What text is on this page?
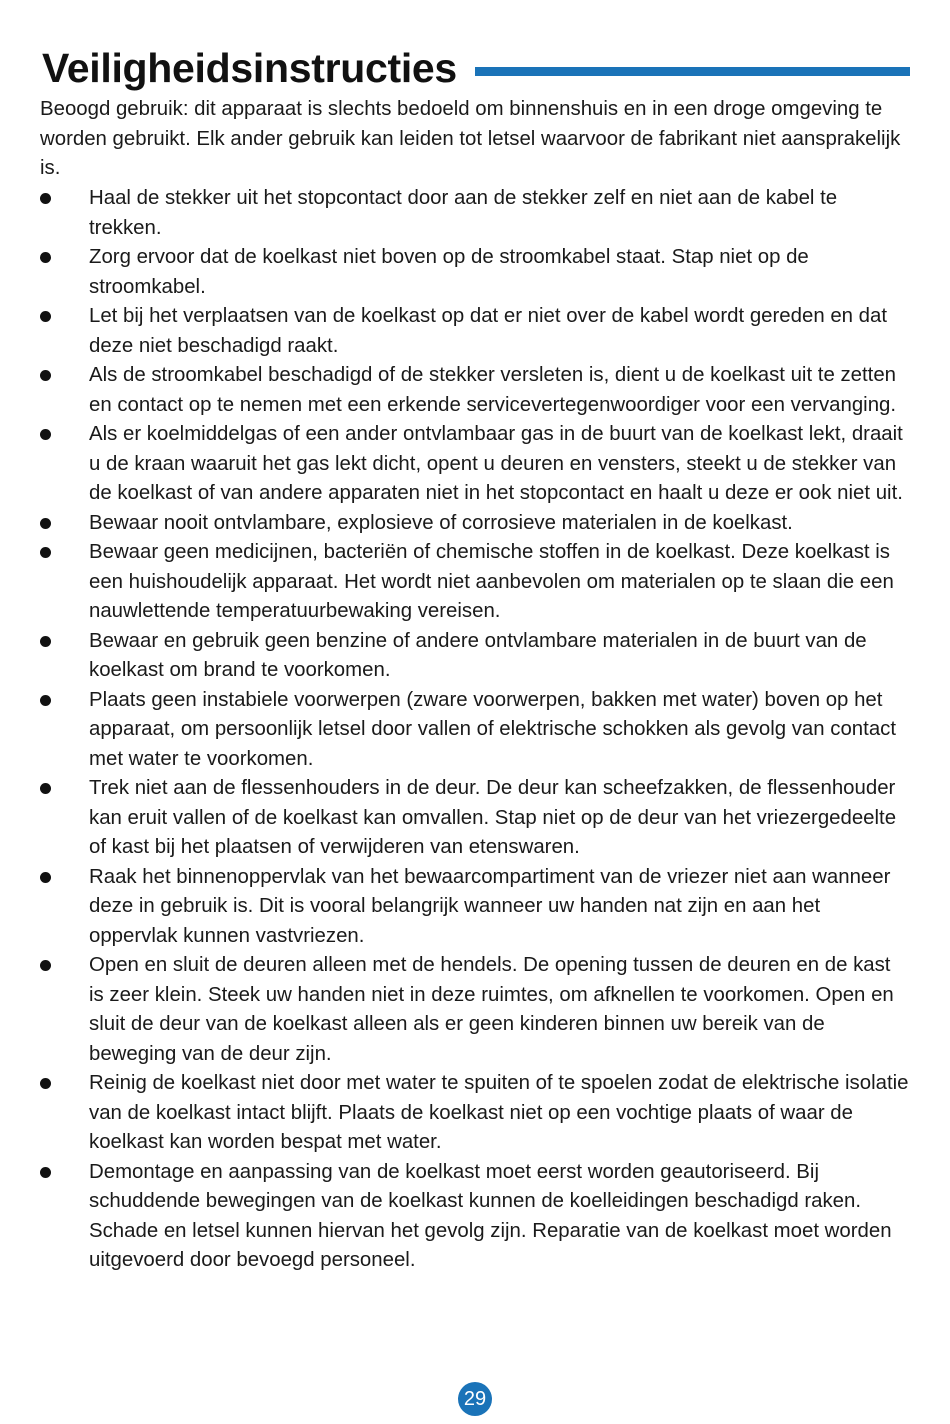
Veiligheidsinstructies

Beoogd gebruik: dit apparaat is slechts bedoeld om binnenshuis en in een droge omgeving te worden gebruikt. Elk ander gebruik kan leiden tot letsel waarvoor de fabrikant niet aansprakelijk is.

Haal de stekker uit het stopcontact door aan de stekker zelf en niet aan de kabel te trekken.
Zorg ervoor dat de koelkast niet boven op de stroomkabel staat. Stap niet op de stroomkabel.
Let bij het verplaatsen van de koelkast op dat er niet over de kabel wordt gereden en dat deze niet beschadigd raakt.
Als de stroomkabel beschadigd of de stekker versleten is, dient u de koelkast uit te zetten en contact op te nemen met een erkende servicevertegenwoordiger voor een vervanging.
Als er koelmiddelgas of een ander ontvlambaar gas in de buurt van de koelkast lekt, draait u de kraan waaruit het gas lekt dicht, opent u deuren en vensters, steekt u de stekker van de koelkast of van andere apparaten niet in het stopcontact en haalt u deze er ook niet uit.
Bewaar nooit ontvlambare, explosieve of corrosieve materialen in de koelkast.
Bewaar geen medicijnen, bacteriën of chemische stoffen in de koelkast. Deze koelkast is een huishoudelijk apparaat. Het wordt niet aanbevolen om materialen op te slaan die een nauwlettende temperatuurbewaking vereisen.
Bewaar en gebruik geen benzine of andere ontvlambare materialen in de buurt van de koelkast om brand te voorkomen.
Plaats geen instabiele voorwerpen (zware voorwerpen, bakken met water) boven op het apparaat, om persoonlijk letsel door vallen of elektrische schokken als gevolg van contact met water te voorkomen.
Trek niet aan de flessenhouders in de deur. De deur kan scheefzakken, de flessenhouder kan eruit vallen of de koelkast kan omvallen. Stap niet op de deur van het vriezergedeelte of kast bij het plaatsen of verwijderen van etenswaren.
Raak het binnenoppervlak van het bewaarcompartiment van de vriezer niet aan wanneer deze in gebruik is. Dit is vooral belangrijk wanneer uw handen nat zijn en aan het oppervlak kunnen vastvriezen.
Open en sluit de deuren alleen met de hendels. De opening tussen de deuren en de kast is zeer klein. Steek uw handen niet in deze ruimtes, om afknellen te voorkomen. Open en sluit de deur van de koelkast alleen als er geen kinderen binnen uw bereik van de beweging van de deur zijn.
Reinig de koelkast niet door met water te spuiten of te spoelen zodat de elektrische isolatie van de koelkast intact blijft. Plaats de koelkast niet op een vochtige plaats of waar de koelkast kan worden bespat met water.
Demontage en aanpassing van de koelkast moet eerst worden geautoriseerd. Bij schuddende bewegingen van de koelkast kunnen de koelleidingen beschadigd raken. Schade en letsel kunnen hiervan het gevolg zijn. Reparatie van de koelkast moet worden uitgevoerd door bevoegd personeel.
29
